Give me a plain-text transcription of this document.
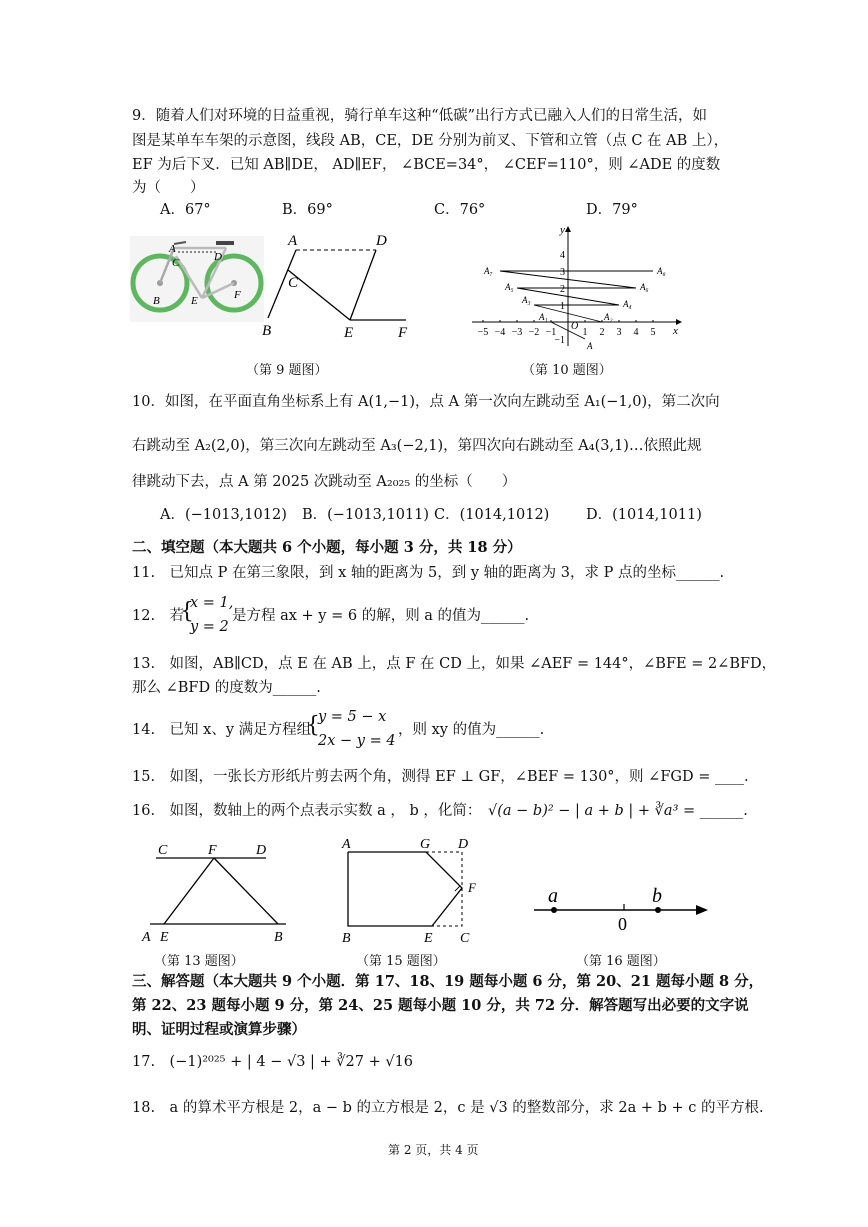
9．随着人们对环境的日益重视，骑行单车这种“低碳”出行方式已融入人们的日常生活，如
图是某单车车架的示意图，线段 AB，CE，DE 分别为前叉、下管和立管（点 C 在 AB 上），
EF 为后下叉．已知 AB∥DE， AD∥EF， ∠BCE=34°， ∠CEF=110°，则 ∠ADE 的度数
为（　　）
A．67°	B．69°	C．76°	D．79°
A
D
C
B	E	F
A	D
C
B	E	F
（第 9 题图）
x
y
−5 −4 −3 −2 −1	1 2 3 4 5
4
3
2
1
−1 A
A₁	A₂
A₃	A₄
A₅	A₆
A₇	A₈
O
（第 10 题图）
10．如图，在平面直角坐标系上有 A(1,−1)，点 A 第一次向左跳动至 A₁(−1,0)，第二次向
右跳动至 A₂(2,0)，第三次向左跳动至 A₃(−2,1)，第四次向右跳动至 A₄(3,1)…依照此规
律跳动下去，点 A 第 2025 次跳动至 A₂₀₂₅ 的坐标（　　）
A．(−1013,1012) B．(−1013,1011) C．(1014,1012)	D．(1014,1011)
二、填空题（本大题共 6 个小题，每小题 3 分，共 18 分）
11.　已知点 P 在第三象限，到 x 轴的距离为 5，到 y 轴的距离为 3，求 P 点的坐标______.
12.　若
{
x = 1,
y = 2
是方程 ax + y = 6 的解，则 a 的值为______.
13.　如图，AB∥CD，点 E 在 AB 上，点 F 在 CD 上，如果 ∠AEF = 144°，∠BFE = 2∠BFD，
那么 ∠BFD 的度数为______.
14.　已知 x、y 满足方程组
{
y = 5 − x
2x − y = 4
，则 xy 的值为______.
15.　如图，一张长方形纸片剪去两个角，测得 EF ⊥ GF，∠BEF = 130°，则 ∠FGD = ____.
16.　如图，数轴上的两个点表示实数 a ， b ，化简： √(a − b)² − | a + b | + ∛a³ = ______.
C	F	D
A E	B
（第 13 题图）
A	G D
F
B	E C
（第 15 题图）
a	b
0
（第 16 题图）
三、解答题（本大题共 9 个小题．第 17、18、19 题每小题 6 分，第 20、21 题每小题 8 分，
第 22、23 题每小题 9 分，第 24、25 题每小题 10 分，共 72 分．解答题写出必要的文字说
明、证明过程或演算步骤）
17.　(−1)²⁰²⁵ + | 4 − √3 | + ∛27 + √16
18.　a 的算术平方根是 2，a − b 的立方根是 2，c 是 √3 的整数部分，求 2a + b + c 的平方根.
第 2 页，共 4 页
